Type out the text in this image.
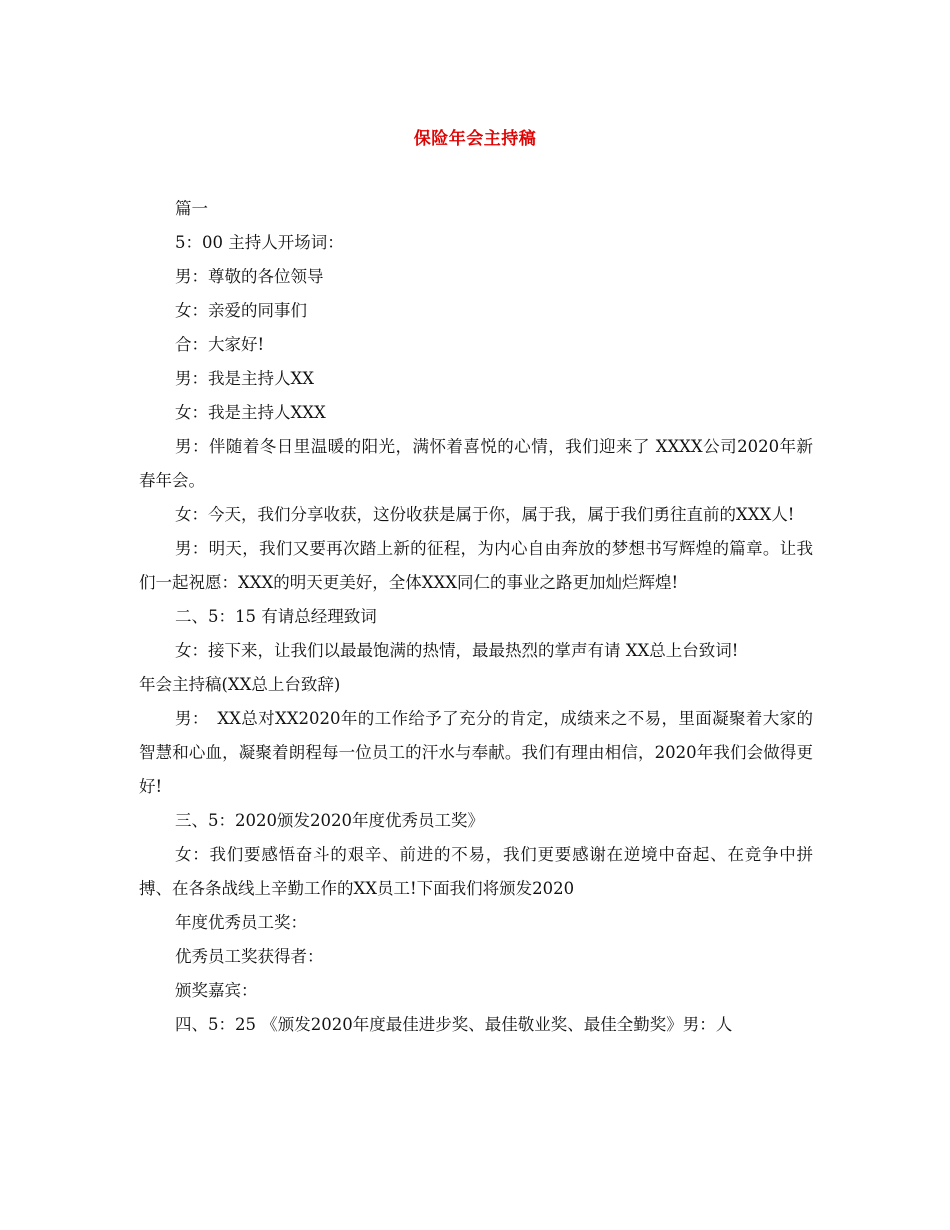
保险年会主持稿

篇一

5：00 主持人开场词：

男：尊敬的各位领导

女：亲爱的同事们

合：大家好!

男：我是主持人XX

女：我是主持人XXX

男：伴随着冬日里温暖的阳光，满怀着喜悦的心情，我们迎来了 XXXX公司2020年新春年会。

女：今天，我们分享收获，这份收获是属于你，属于我，属于我们勇往直前的XXX人!

男：明天，我们又要再次踏上新的征程，为内心自由奔放的梦想书写辉煌的篇章。让我们一起祝愿：XXX的明天更美好，全体XXX同仁的事业之路更加灿烂辉煌!

二、5：15 有请总经理致词

女：接下来，让我们以最最饱满的热情，最最热烈的掌声有请 XX总上台致词!

年会主持稿(XX总上台致辞)

男：　XX总对XX2020年的工作给予了充分的肯定，成绩来之不易，里面凝聚着大家的智慧和心血，凝聚着朗程每一位员工的汗水与奉献。我们有理由相信，2020年我们会做得更好!

三、5：2020颁发2020年度优秀员工奖》

女：我们要感悟奋斗的艰辛、前进的不易，我们更要感谢在逆境中奋起、在竞争中拼搏、在各条战线上辛勤工作的XX员工!下面我们将颁发2020

年度优秀员工奖：

优秀员工奖获得者：

颁奖嘉宾：

四、5：25 《颁发2020年度最佳进步奖、最佳敬业奖、最佳全勤奖》男：人
